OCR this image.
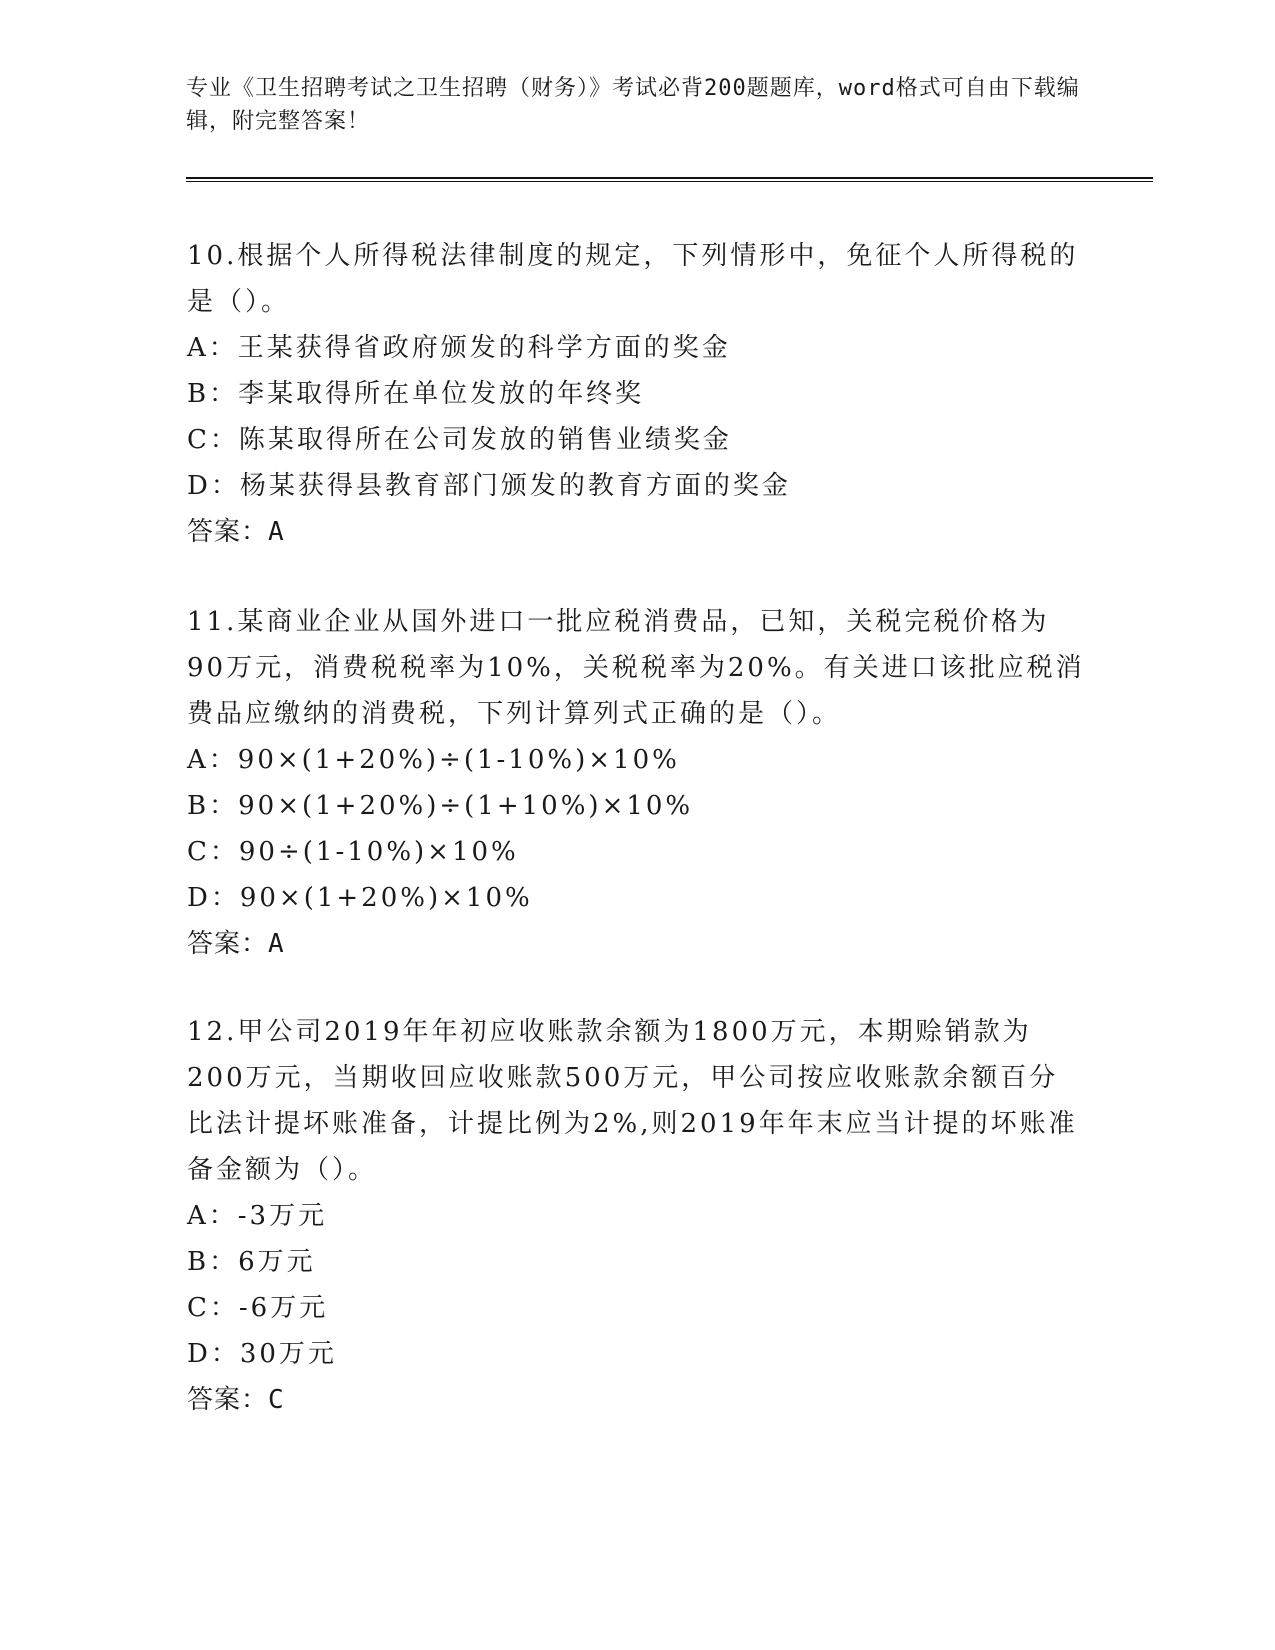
专业《卫生招聘考试之卫生招聘（财务）》考试必背200题题库，word格式可自由下载编辑，附完整答案！

10.根据个人所得税法律制度的规定，下列情形中，免征个人所得税的是（）。

A：王某获得省政府颁发的科学方面的奖金

B：李某取得所在单位发放的年终奖

C：陈某取得所在公司发放的销售业绩奖金

D：杨某获得县教育部门颁发的教育方面的奖金

答案：A

11.某商业企业从国外进口一批应税消费品，已知，关税完税价格为90万元，消费税税率为10%，关税税率为20%。有关进口该批应税消费品应缴纳的消费税，下列计算列式正确的是（）。

A：90×(1+20%)÷(1-10%)×10%

B：90×(1+20%)÷(1+10%)×10%

C：90÷(1-10%)×10%

D：90×(1+20%)×10%

答案：A

12.甲公司2019年年初应收账款余额为1800万元，本期赊销款为200万元，当期收回应收账款500万元，甲公司按应收账款余额百分比法计提坏账准备，计提比例为2%,则2019年年末应当计提的坏账准备金额为（）。

A：-3万元

B：6万元

C：-6万元

D：30万元

答案：C
